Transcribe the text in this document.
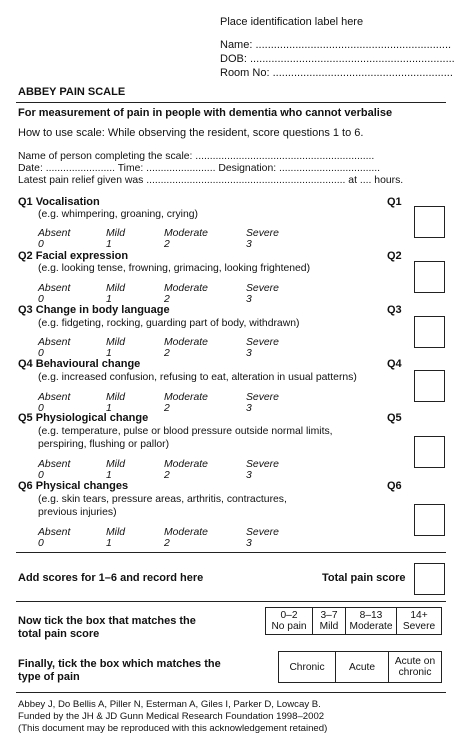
Place identification label here
Name: ................................................................
DOB: ...................................................................
Room No: ...........................................................
ABBEY PAIN SCALE
For measurement of pain in people with dementia who cannot verbalise
How to use scale: While observing the resident, score questions 1 to 6.
Name of person completing the scale: ..............................................................
Date: ........................ Time: ........................ Designation: ...................................
Latest pain relief given was ..................................................................... at .... hours.
Q1 Vocalisation
(e.g. whimpering, groaning, crying)
Absent 0
Mild 1
Moderate 2
Severe 3
Q1
Q2 Facial expression
(e.g. looking tense, frowning, grimacing, looking frightened)
Absent 0
Mild 1
Moderate 2
Severe 3
Q2
Q3 Change in body language
(e.g. fidgeting, rocking, guarding part of body, withdrawn)
Absent 0
Mild 1
Moderate 2
Severe 3
Q3
Q4 Behavioural change
(e.g. increased confusion, refusing to eat, alteration in usual patterns)
Absent 0
Mild 1
Moderate 2
Severe 3
Q4
Q5 Physiological change
(e.g. temperature, pulse or blood pressure outside normal limits,
perspiring, flushing or pallor)
Absent 0
Mild 1
Moderate 2
Severe 3
Q5
Q6 Physical changes
(e.g. skin tears, pressure areas, arthritis, contractures,
previous injuries)
Absent 0
Mild 1
Moderate 2
Severe 3
Q6
Add scores for 1–6 and record here	Total pain score
Now tick the box that matches the
total pain score
0–2
No pain

3–7
Mild

8–13
Moderate

14+
Severe
Finally, tick the box which matches the
type of pain
Chronic	Acute	Acute on
chronic
Abbey J, Do Bellis A, Piller N, Esterman A, Giles I, Parker D, Lowcay B.
Funded by the JH & JD Gunn Medical Research Foundation 1998–2002
(This document may be reproduced with this acknowledgement retained)
